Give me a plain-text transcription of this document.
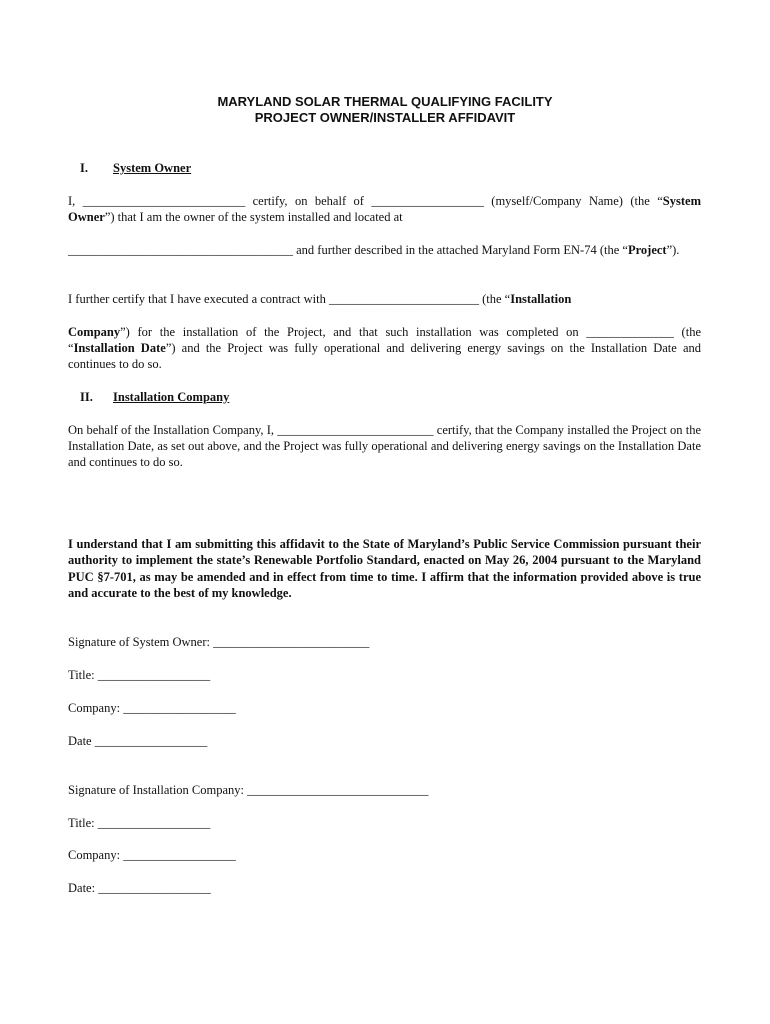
MARYLAND SOLAR THERMAL QUALIFYING FACILITY
PROJECT OWNER/INSTALLER AFFIDAVIT
I. System Owner
I, __________________________ certify, on behalf of __________________ (myself/Company Name) (the “System Owner”) that I am the owner of the system installed and located at
____________________________________ and further described in the attached Maryland Form EN-74 (the “Project”).
I further certify that I have executed a contract with ________________________ (the “Installation
Company”) for the installation of the Project, and that such installation was completed on ______________ (the “Installation Date”) and the Project was fully operational and delivering energy savings on the Installation Date and continues to do so.
II. Installation Company
On behalf of the Installation Company, I, _________________________ certify, that the Company installed the Project on the Installation Date, as set out above, and the Project was fully operational and delivering energy savings on the Installation Date and continues to do so.
I understand that I am submitting this affidavit to the State of Maryland’s Public Service Commission pursuant their authority to implement the state’s Renewable Portfolio Standard, enacted on May 26, 2004 pursuant to the Maryland PUC §7-701, as may be amended and in effect from time to time. I affirm that the information provided above is true and accurate to the best of my knowledge.
Signature of System Owner: _________________________
Title: __________________
Company: __________________
Date __________________
Signature of Installation Company: _____________________________
Title: __________________
Company: __________________
Date: __________________
